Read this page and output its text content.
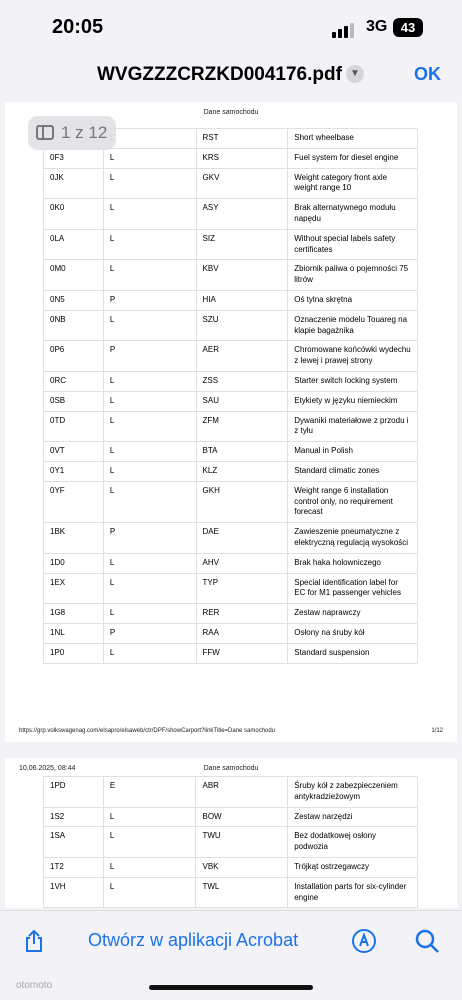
20:05	3G	43
WVGZZZCRZKD004176.pdf ▼	OK
Dane samochodu
		RST	Short wheelbase
0F3	L	KRS	Fuel system for diesel engine
0JK	L	GKV	Weight category front axle weight range 10
0K0	L	ASY	Brak alternatywnego modułu napędu
0LA	L	SIZ	Without special labels safety certificates
0M0	L	KBV	Zbiornik paliwa o pojemności 75 litrów
0N5	P	HIA	Oś tylna skrętna
0NB	L	SZU	Oznaczenie modelu Touareg na klapie bagażnika
0P6	P	AER	Chromowane końcówki wydechu z lewej i prawej strony
0RC	L	ZSS	Starter switch locking system
0SB	L	SAU	Etykiety w języku niemieckim
0TD	L	ZFM	Dywaniki materiałowe z przodu i z tyłu
0VT	L	BTA	Manual in Polish
0Y1	L	KLZ	Standard climatic zones
0YF	L	GKH	Weight range 6 installation control only, no requirement forecast
1BK	P	DAE	Zawieszenie pneumatyczne z elektryczną regulacją wysokości
1D0	L	AHV	Brak haka holowniczego
1EX	L	TYP	Special identification label for EC for M1 passenger vehicles
1G8	L	RER	Zestaw naprawczy
1NL	P	RAA	Osłony na śruby kół
1P0	L	FFW	Standard suspension
https://grp.volkswagenag.com/elsapro/elsaweb/ctr/DPF/showCarport?linkTitle=Dane samochodu	1/12
1 z 12
10.06.2025, 08:44	Dane samochodu
1PD	E	ABR	Śruby kół z zabezpieczeniem antykradzieżowym
1S2	L	BOW	Zestaw narzędzi
1SA	L	TWU	Bez dodatkowej osłony podwozia
1T2	L	VBK	Trójkąt ostrzegawczy
1VH	L	TWL	Installation parts for six-cylinder engine
Otwórz w aplikacji Acrobat
otomoto
